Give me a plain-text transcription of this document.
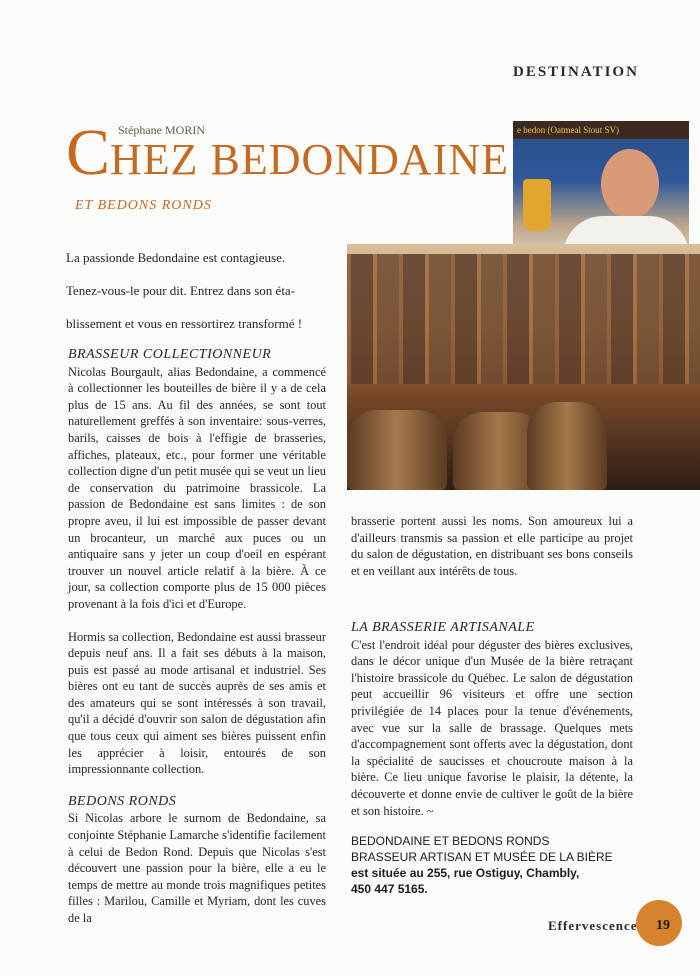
DESTINATION
CHEZ BEDONDAINE
Stéphane MORIN
ET BEDONS RONDS
e bedon (Oatmeal Stout SV)
La passionde Bedondaine est contagieuse.
Tenez-vous-le pour dit. Entrez dans son éta-
blissement et vous en ressortirez transformé !
BRASSEUR COLLECTIONNEUR

Nicolas Bourgault, alias Bedondaine, a commencé à collectionner les bouteilles de bière il y a de cela plus de 15 ans. Au fil des années, se sont tout naturellement greffés à son inventaire: sous-verres, barils, caisses de bois à l'effigie de brasseries, affiches, plateaux, etc., pour former une véritable collection digne d'un petit musée qui se veut un lieu de conservation du patrimoine brassicole. La passion de Bedondaine est sans limites : de son propre aveu, il lui est impossible de passer devant un brocanteur, un marché aux puces ou un antiquaire sans y jeter un coup d'oeil en espérant trouver un nouvel article relatif à la bière. À ce jour, sa collection comporte plus de 15 000 pièces provenant à la fois d'ici et d'Europe.

Hormis sa collection, Bedondaine est aussi brasseur depuis neuf ans. Il a fait ses débuts à la maison, puis est passé au mode artisanal et industriel. Ses bières ont eu tant de succès auprès de ses amis et des amateurs qui se sont intéressés à son travail, qu'il a décidé d'ouvrir son salon de dégustation afin que tous ceux qui aiment ses bières puissent enfin les apprécier à loisir, entourés de son impressionnante collection.

BEDONS RONDS

Si Nicolas arbore le surnom de Bedondaine, sa conjointe Stéphanie Lamarche s'identifie facilement à celui de Bedon Rond. Depuis que Nicolas s'est découvert une passion pour la bière, elle a eu le temps de mettre au monde trois magnifiques petites filles : Marilou, Camille et Myriam, dont les cuves de la

brasserie portent aussi les noms. Son amoureux lui a d'ailleurs transmis sa passion et elle participe au projet du salon de dégustation, en distribuant ses bons conseils et en veillant aux intérêts de tous.

LA BRASSERIE ARTISANALE

C'est l'endroit idéal pour déguster des bières exclusives, dans le décor unique d'un Musée de la bière retraçant l'histoire brassicole du Québec. Le salon de dégustation peut accueillir 96 visiteurs et offre une section privilégiée de 14 places pour la tenue d'événements, avec vue sur la salle de brassage. Quelques mets d'accompagnement sont offerts avec la dégustation, dont la spécialité de saucisses et choucroute maison à la bière. Ce lieu unique favorise le plaisir, la détente, la découverte et donne envie de cultiver le goût de la bière et son histoire. ~

BEDONDAINE ET BEDONS RONDS
BRASSEUR ARTISAN ET MUSÉE DE LA BIÈRE
est située au 255, rue Ostiguy, Chambly,
450 447 5165.
Effervescence 19
